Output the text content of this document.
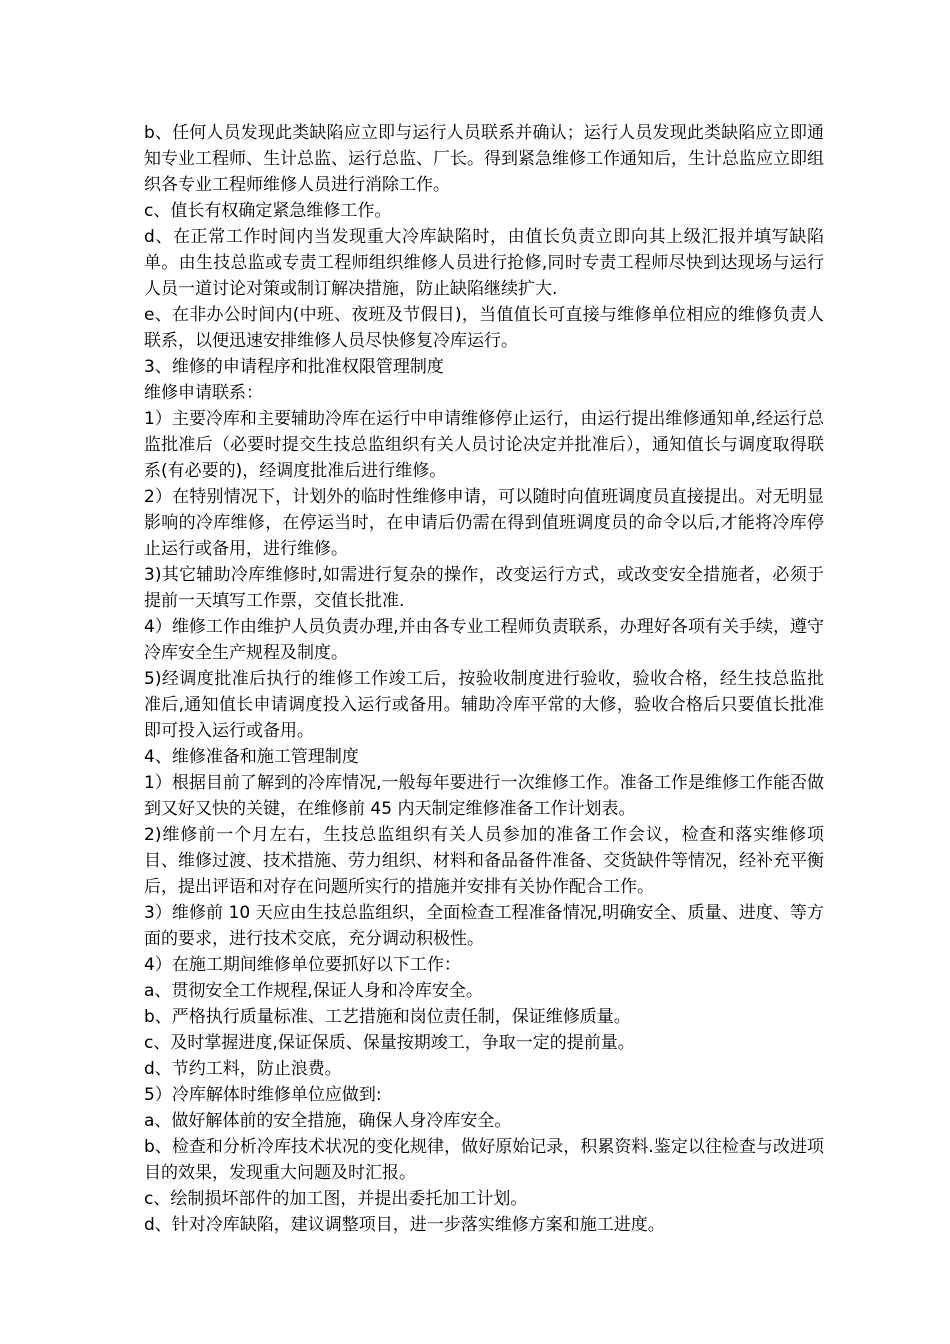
b、任何人员发现此类缺陷应立即与运行人员联系并确认；运行人员发现此类缺陷应立即通知专业工程师、生计总监、运行总监、厂长。得到紧急维修工作通知后，生计总监应立即组织各专业工程师维修人员进行消除工作。

c、值长有权确定紧急维修工作。

d、在正常工作时间内当发现重大冷库缺陷时，由值长负责立即向其上级汇报并填写缺陷单。由生技总监或专责工程师组织维修人员进行抢修,同时专责工程师尽快到达现场与运行人员一道讨论对策或制订解决措施，防止缺陷继续扩大.

e、在非办公时间内(中班、夜班及节假日)，当值值长可直接与维修单位相应的维修负责人联系，以便迅速安排维修人员尽快修复冷库运行。

3、维修的申请程序和批准权限管理制度

维修申请联系：

1）主要冷库和主要辅助冷库在运行中申请维修停止运行，由运行提出维修通知单,经运行总监批准后（必要时提交生技总监组织有关人员讨论决定并批准后），通知值长与调度取得联系(有必要的)，经调度批准后进行维修。

2）在特别情况下，计划外的临时性维修申请，可以随时向值班调度员直接提出。对无明显影响的冷库维修，在停运当时，在申请后仍需在得到值班调度员的命令以后,才能将冷库停止运行或备用，进行维修。

3)其它辅助冷库维修时,如需进行复杂的操作，改变运行方式，或改变安全措施者，必须于提前一天填写工作票，交值长批准.

4）维修工作由维护人员负责办理,并由各专业工程师负责联系，办理好各项有关手续，遵守冷库安全生产规程及制度。

5)经调度批准后执行的维修工作竣工后，按验收制度进行验收，验收合格，经生技总监批准后,通知值长申请调度投入运行或备用。辅助冷库平常的大修，验收合格后只要值长批准即可投入运行或备用。

4、维修准备和施工管理制度

1）根据目前了解到的冷库情况,一般每年要进行一次维修工作。准备工作是维修工作能否做到又好又快的关键，在维修前 45 内天制定维修准备工作计划表。

2)维修前一个月左右，生技总监组织有关人员参加的准备工作会议，检查和落实维修项目、维修过渡、技术措施、劳力组织、材料和备品备件准备、交货缺件等情况，经补充平衡后，提出评语和对存在问题所实行的措施并安排有关协作配合工作。

3）维修前 10 天应由生技总监组织，全面检查工程准备情况,明确安全、质量、进度、等方面的要求，进行技术交底，充分调动积极性。

4）在施工期间维修单位要抓好以下工作：

a、贯彻安全工作规程,保证人身和冷库安全。

b、严格执行质量标准、工艺措施和岗位责任制，保证维修质量。

c、及时掌握进度,保证保质、保量按期竣工，争取一定的提前量。

d、节约工料，防止浪费。

5）冷库解体时维修单位应做到:

a、做好解体前的安全措施，确保人身冷库安全。

b、检查和分析冷库技术状况的变化规律，做好原始记录，积累资料.鉴定以往检查与改进项目的效果，发现重大问题及时汇报。

c、绘制损坏部件的加工图，并提出委托加工计划。

d、针对冷库缺陷，建议调整项目，进一步落实维修方案和施工进度。
